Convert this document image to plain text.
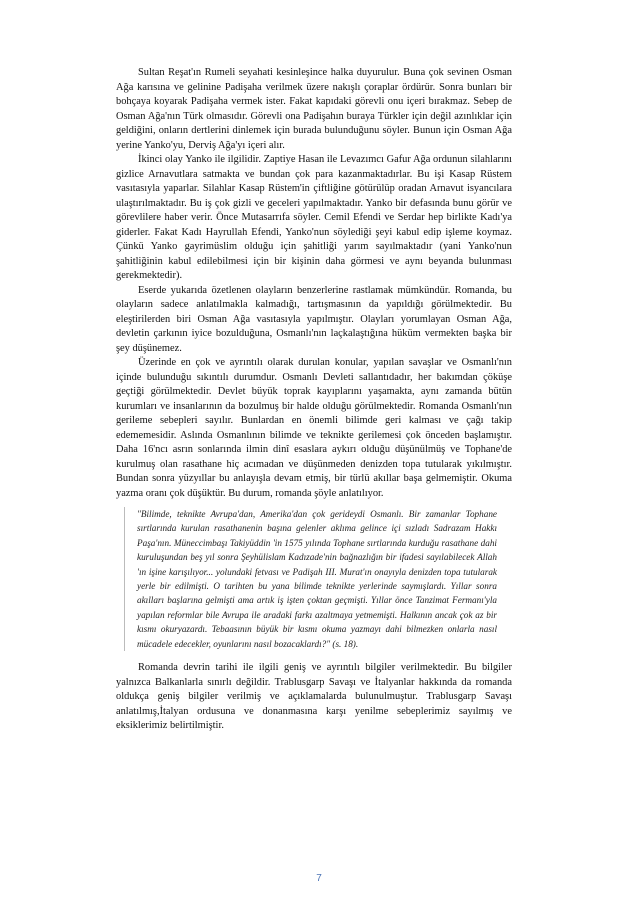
Sultan Reşat'ın Rumeli seyahati kesinleşince halka duyurulur. Buna çok sevinen Osman Ağa karısına ve gelinine Padişaha verilmek üzere nakışlı çoraplar ördürür. Sonra bunları bir bohçaya koyarak Padişaha vermek ister. Fakat kapıdaki görevli onu içeri bırakmaz. Sebep de Osman Ağa'nın Türk olmasıdır. Görevli ona Padişahın buraya Türkler için değil azınlıklar için geldiğini, onların dertlerini dinlemek için burada bulunduğunu söyler. Bunun için Osman Ağa yerine Yanko'yu, Derviş Ağa'yı içeri alır.

İkinci olay Yanko ile ilgilidir. Zaptiye Hasan ile Levazımcı Gafur Ağa ordunun silahlarını gizlice Arnavutlara satmakta ve bundan çok para kazanmaktadırlar. Bu işi Kasap Rüstem vasıtasıyla yaparlar. Silahlar Kasap Rüstem'in çiftliğine götürülüp oradan Arnavut isyancılara ulaştırılmaktadır. Bu iş çok gizli ve geceleri yapılmaktadır. Yanko bir defasında bunu görür ve görevlilere haber verir. Önce Mutasarrıfa söyler. Cemil Efendi ve Serdar hep birlikte Kadı'ya giderler. Fakat Kadı Hayrullah Efendi, Yanko'nun söylediği şeyi kabul edip işleme koymaz. Çünkü Yanko gayrimüslim olduğu için şahitliği yarım sayılmaktadır (yani Yanko'nun şahitliğinin kabul edilebilmesi için bir kişinin daha görmesi ve aynı beyanda bulunması gerekmektedir).

Eserde yukarıda özetlenen olayların benzerlerine rastlamak mümkündür. Romanda, bu olayların sadece anlatılmakla kalmadığı, tartışmasının da yapıldığı görülmektedir. Bu eleştirilerden biri Osman Ağa vasıtasıyla yapılmıştır. Olayları yorumlayan Osman Ağa, devletin çarkının iyice bozulduğuna, Osmanlı'nın laçkalaştığına hüküm vermekten başka bir şey düşünemez.

Üzerinde en çok ve ayrıntılı olarak durulan konular, yapılan savaşlar ve Osmanlı'nın içinde bulunduğu sıkıntılı durumdur. Osmanlı Devleti sallantıdadır, her bakımdan çöküşe geçtiği görülmektedir. Devlet büyük toprak kayıplarını yaşamakta, aynı zamanda bütün kurumları ve insanlarının da bozulmuş bir halde olduğu görülmektedir. Romanda Osmanlı'nın gerileme sebepleri sayılır. Bunlardan en önemli bilimde geri kalması ve çağı takip edememesidir. Aslında Osmanlının bilimde ve teknikte gerilemesi çok önceden başlamıştır. Daha 16'ncı asrın sonlarında ilmin dinî esaslara aykırı olduğu düşünülmüş ve Tophane'de kurulmuş olan rasathane hiç acımadan ve düşünmeden denizden topa tutularak yıkılmıştır. Bundan sonra yüzyıllar bu anlayışla devam etmiş, bir türlü akıllar başa gelmemiştir. Okuma yazma oranı çok düşüktür. Bu durum, romanda şöyle anlatılıyor.

"Bilimde, teknikte Avrupa'dan, Amerika'dan çok gerideydi Osmanlı. Bir zamanlar Tophane sırtlarında kurulan rasathanenin başına gelenler aklıma gelince içi sızladı Sadrazam Hakkı Paşa'nın. Müneccimbaşı Takiyüddin 'in 1575 yılında Tophane sırtlarında kurduğu rasathane dahi kuruluşundan beş yıl sonra Şeyhülislam Kadızade'nin bağnazlığın bir ifadesi sayılabilecek Allah 'ın işine karışılıyor... yolundaki fetvası ve Padişah III. Murat'ın onayıyla denizden topa tutularak yerle bir edilmişti. O tarihten bu yana bilimde teknikte yerlerinde saymışlardı. Yıllar sonra akılları başlarına gelmişti ama artık iş işten çoktan geçmişti. Yıllar önce Tanzimat Fermanı'yla yapılan reformlar bile Avrupa ile aradaki farkı azaltmaya yetmemişti. Halkının ancak çok az bir kısmı okuryazardı. Tebaasının büyük bir kısmı okuma yazmayı dahi bilmezken onlarla nasıl mücadele edecekler, oyunlarını nasıl bozacaklardı?" (s. 18).

Romanda devrin tarihi ile ilgili geniş ve ayrıntılı bilgiler verilmektedir. Bu bilgiler yalnızca Balkanlarla sınırlı değildir. Trablusgarp Savaşı ve İtalyanlar hakkında da romanda oldukça geniş bilgiler verilmiş ve açıklamalarda bulunulmuştur. Trablusgarp Savaşı anlatılmış,İtalyan ordusuna ve donanmasına karşı yenilme sebeplerimiz sayılmış ve eksiklerimiz belirtilmiştir.

7
